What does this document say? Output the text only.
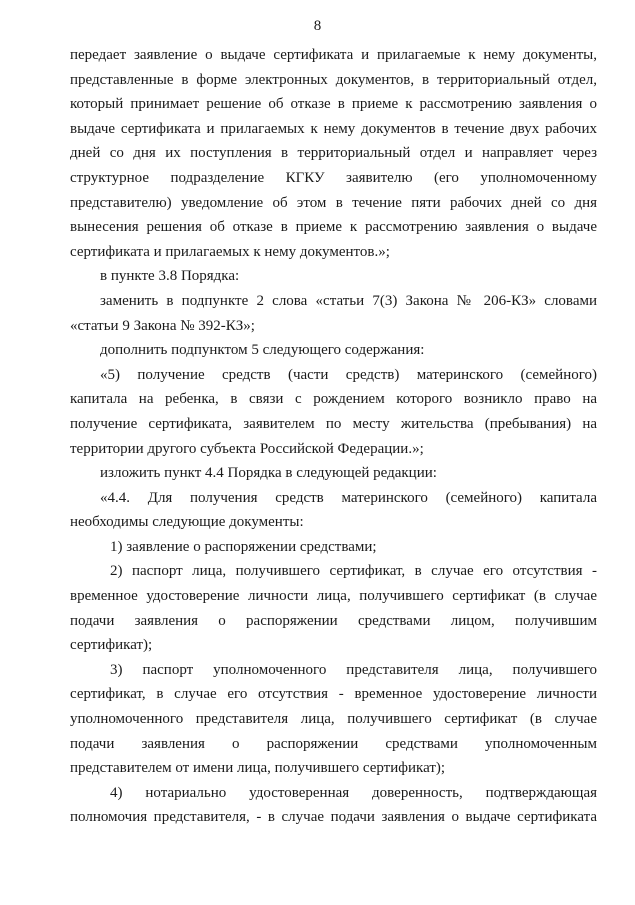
8
передает заявление о выдаче сертификата и прилагаемые к нему документы,
представленные в форме электронных документов, в территориальный отдел,
который принимает решение об отказе в приеме к рассмотрению заявления о
выдаче сертификата и прилагаемых к нему документов в течение двух рабочих
дней со дня их поступления в территориальный отдел и направляет через
структурное подразделение КГКУ заявителю (его уполномоченному
представителю) уведомление об этом в течение пяти рабочих дней со дня
вынесения решения об отказе в приеме к рассмотрению заявления о выдаче
сертификата и прилагаемых к нему документов.»;
в пункте 3.8 Порядка:
заменить в подпункте 2 слова «статьи 7(3) Закона № 206-КЗ» словами
«статьи 9 Закона № 392-КЗ»;
дополнить подпунктом 5 следующего содержания:
«5) получение средств (части средств) материнского (семейного)
капитала на ребенка, в связи с рождением которого возникло право на
получение сертификата, заявителем по месту жительства (пребывания) на
территории другого субъекта Российской Федерации.»;
изложить пункт 4.4 Порядка в следующей редакции:
«4.4. Для получения средств материнского (семейного) капитала
необходимы следующие документы:
1) заявление о распоряжении средствами;
2) паспорт лица, получившего сертификат, в случае его отсутствия -
временное удостоверение личности лица, получившего сертификат (в случае
подачи заявления о распоряжении средствами лицом, получившим
сертификат);
3) паспорт уполномоченного представителя лица, получившего
сертификат, в случае его отсутствия - временное удостоверение личности
уполномоченного представителя лица, получившего сертификат (в случае
подачи заявления о распоряжении средствами уполномоченным
представителем от имени лица, получившего сертификат);
4) нотариально удостоверенная доверенность, подтверждающая
полномочия представителя, - в случае подачи заявления о выдаче сертификата
